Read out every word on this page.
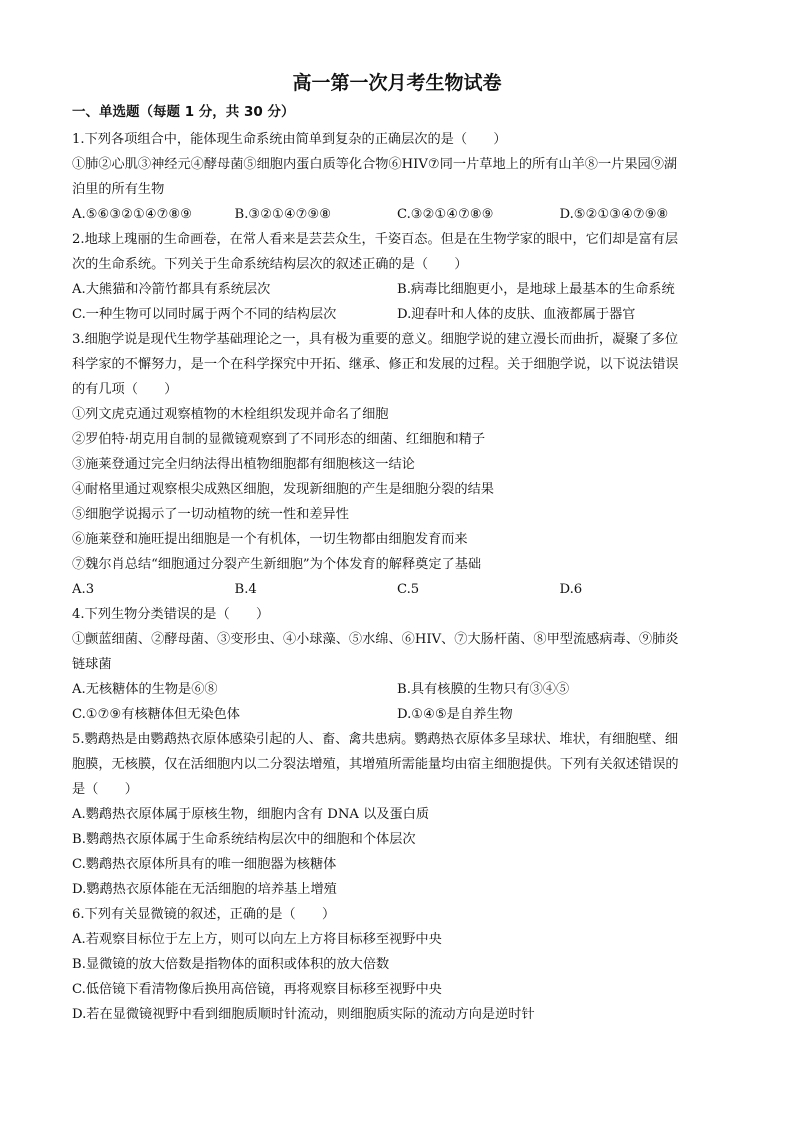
高一第一次月考生物试卷
一、单选题（每题 1 分，共 30 分）
1.下列各项组合中，能体现生命系统由简单到复杂的正确层次的是（　　）
①肺②心肌③神经元④酵母菌⑤细胞内蛋白质等化合物⑥HIV⑦同一片草地上的所有山羊⑧一片果园⑨湖
泊里的所有生物
A.⑤⑥③②①④⑦⑧⑨	B.③②①④⑦⑨⑧	C.③②①④⑦⑧⑨	D.⑤②①③④⑦⑨⑧
2.地球上瑰丽的生命画卷，在常人看来是芸芸众生，千姿百态。但是在生物学家的眼中，它们却是富有层
次的生命系统。下列关于生命系统结构层次的叙述正确的是（　　）
A.大熊猫和冷箭竹都具有系统层次	B.病毒比细胞更小，是地球上最基本的生命系统
C.一种生物可以同时属于两个不同的结构层次	D.迎春叶和人体的皮肤、血液都属于器官
3.细胞学说是现代生物学基础理论之一，具有极为重要的意义。细胞学说的建立漫长而曲折，凝聚了多位
科学家的不懈努力，是一个在科学探究中开拓、继承、修正和发展的过程。关于细胞学说，以下说法错误
的有几项（　　）
①列文虎克通过观察植物的木栓组织发现并命名了细胞
②罗伯特·胡克用自制的显微镜观察到了不同形态的细菌、红细胞和精子
③施莱登通过完全归纳法得出植物细胞都有细胞核这一结论
④耐格里通过观察根尖成熟区细胞，发现新细胞的产生是细胞分裂的结果
⑤细胞学说揭示了一切动植物的统一性和差异性
⑥施莱登和施旺提出细胞是一个有机体，一切生物都由细胞发育而来
⑦魏尔肖总结“细胞通过分裂产生新细胞”为个体发育的解释奠定了基础
A.3	B.4	C.5	D.6
4.下列生物分类错误的是（　　）
①颤蓝细菌、②酵母菌、③变形虫、④小球藻、⑤水绵、⑥HIV、⑦大肠杆菌、⑧甲型流感病毒、⑨肺炎
链球菌
A.无核糖体的生物是⑥⑧	B.具有核膜的生物只有③④⑤
C.①⑦⑨有核糖体但无染色体	D.①④⑤是自养生物
5.鹦鹉热是由鹦鹉热衣原体感染引起的人、畜、禽共患病。鹦鹉热衣原体多呈球状、堆状，有细胞壁、细
胞膜，无核膜，仅在活细胞内以二分裂法增殖，其增殖所需能量均由宿主细胞提供。下列有关叙述错误的
是（　　）
A.鹦鹉热衣原体属于原核生物，细胞内含有 DNA 以及蛋白质
B.鹦鹉热衣原体属于生命系统结构层次中的细胞和个体层次
C.鹦鹉热衣原体所具有的唯一细胞器为核糖体
D.鹦鹉热衣原体能在无活细胞的培养基上增殖
6.下列有关显微镜的叙述，正确的是（　　）
A.若观察目标位于左上方，则可以向左上方将目标移至视野中央
B.显微镜的放大倍数是指物体的面积或体积的放大倍数
C.低倍镜下看清物像后换用高倍镜，再将观察目标移至视野中央
D.若在显微镜视野中看到细胞质顺时针流动，则细胞质实际的流动方向是逆时针
